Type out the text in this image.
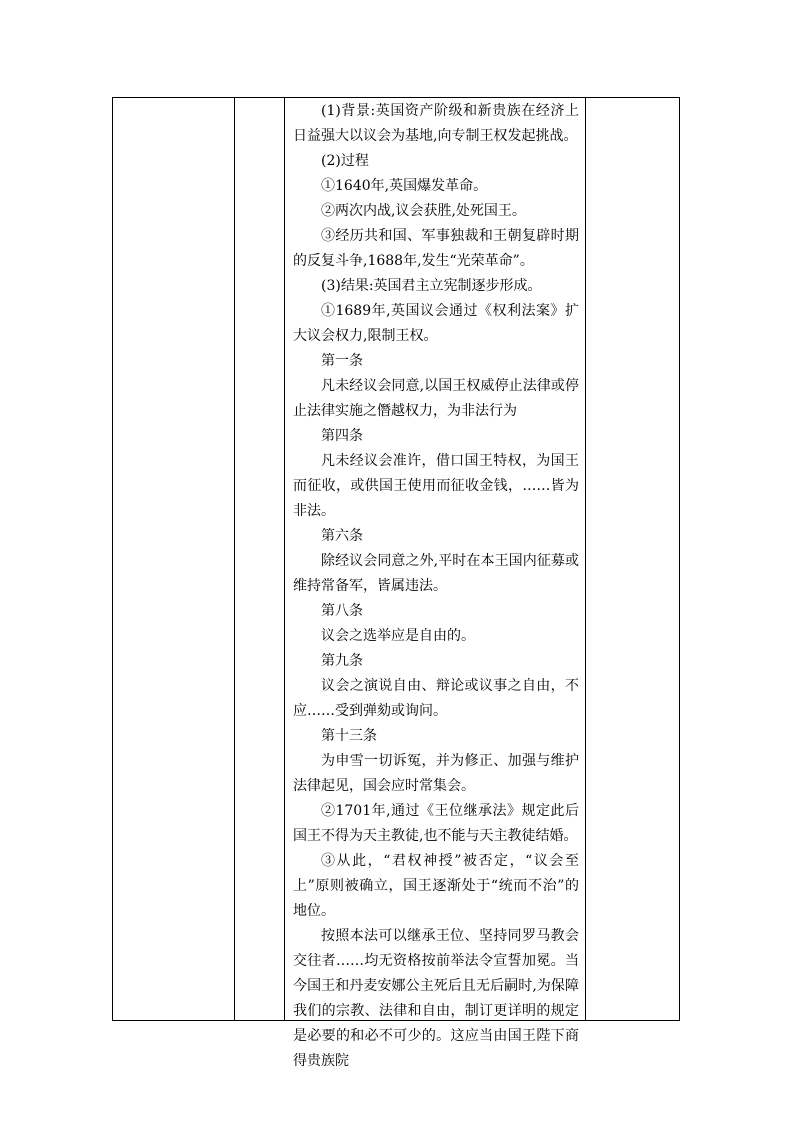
(1)背景:英国资产阶级和新贵族在经济上日益强大以议会为基地,向专制王权发起挑战。

(2)过程

①1640年,英国爆发革命。

②两次内战,议会获胜,处死国王。

③经历共和国、军事独裁和王朝复辟时期的反复斗争,1688年,发生“光荣革命”。

(3)结果:英国君主立宪制逐步形成。

①1689年,英国议会通过《权利法案》扩大议会权力,限制王权。

第一条

凡未经议会同意,以国王权威停止法律或停止法律实施之僭越权力，为非法行为

第四条

凡未经议会准许，借口国王特权，为国王而征收，或供国王使用而征收金钱，……皆为非法。

第六条

除经议会同意之外,平时在本王国内征募或维持常备军，皆属违法。

第八条

议会之选举应是自由的。

第九条

议会之演说自由、辩论或议事之自由，不应……受到弹劾或询问。

第十三条

为申雪一切诉冤，并为修正、加强与维护法律起见，国会应时常集会。

②1701年,通过《王位继承法》规定此后国王不得为天主教徒,也不能与天主教徒结婚。

③从此，“君权神授”被否定，“议会至上”原则被确立，国王逐渐处于“统而不治”的地位。

按照本法可以继承王位、坚持同罗马教会交往者……均无资格按前举法令宣誓加冕。当今国王和丹麦安娜公主死后且无后嗣时,为保障我们的宗教、法律和自由，制订更详明的规定是必要的和必不可少的。这应当由国王陛下商得贵族院
